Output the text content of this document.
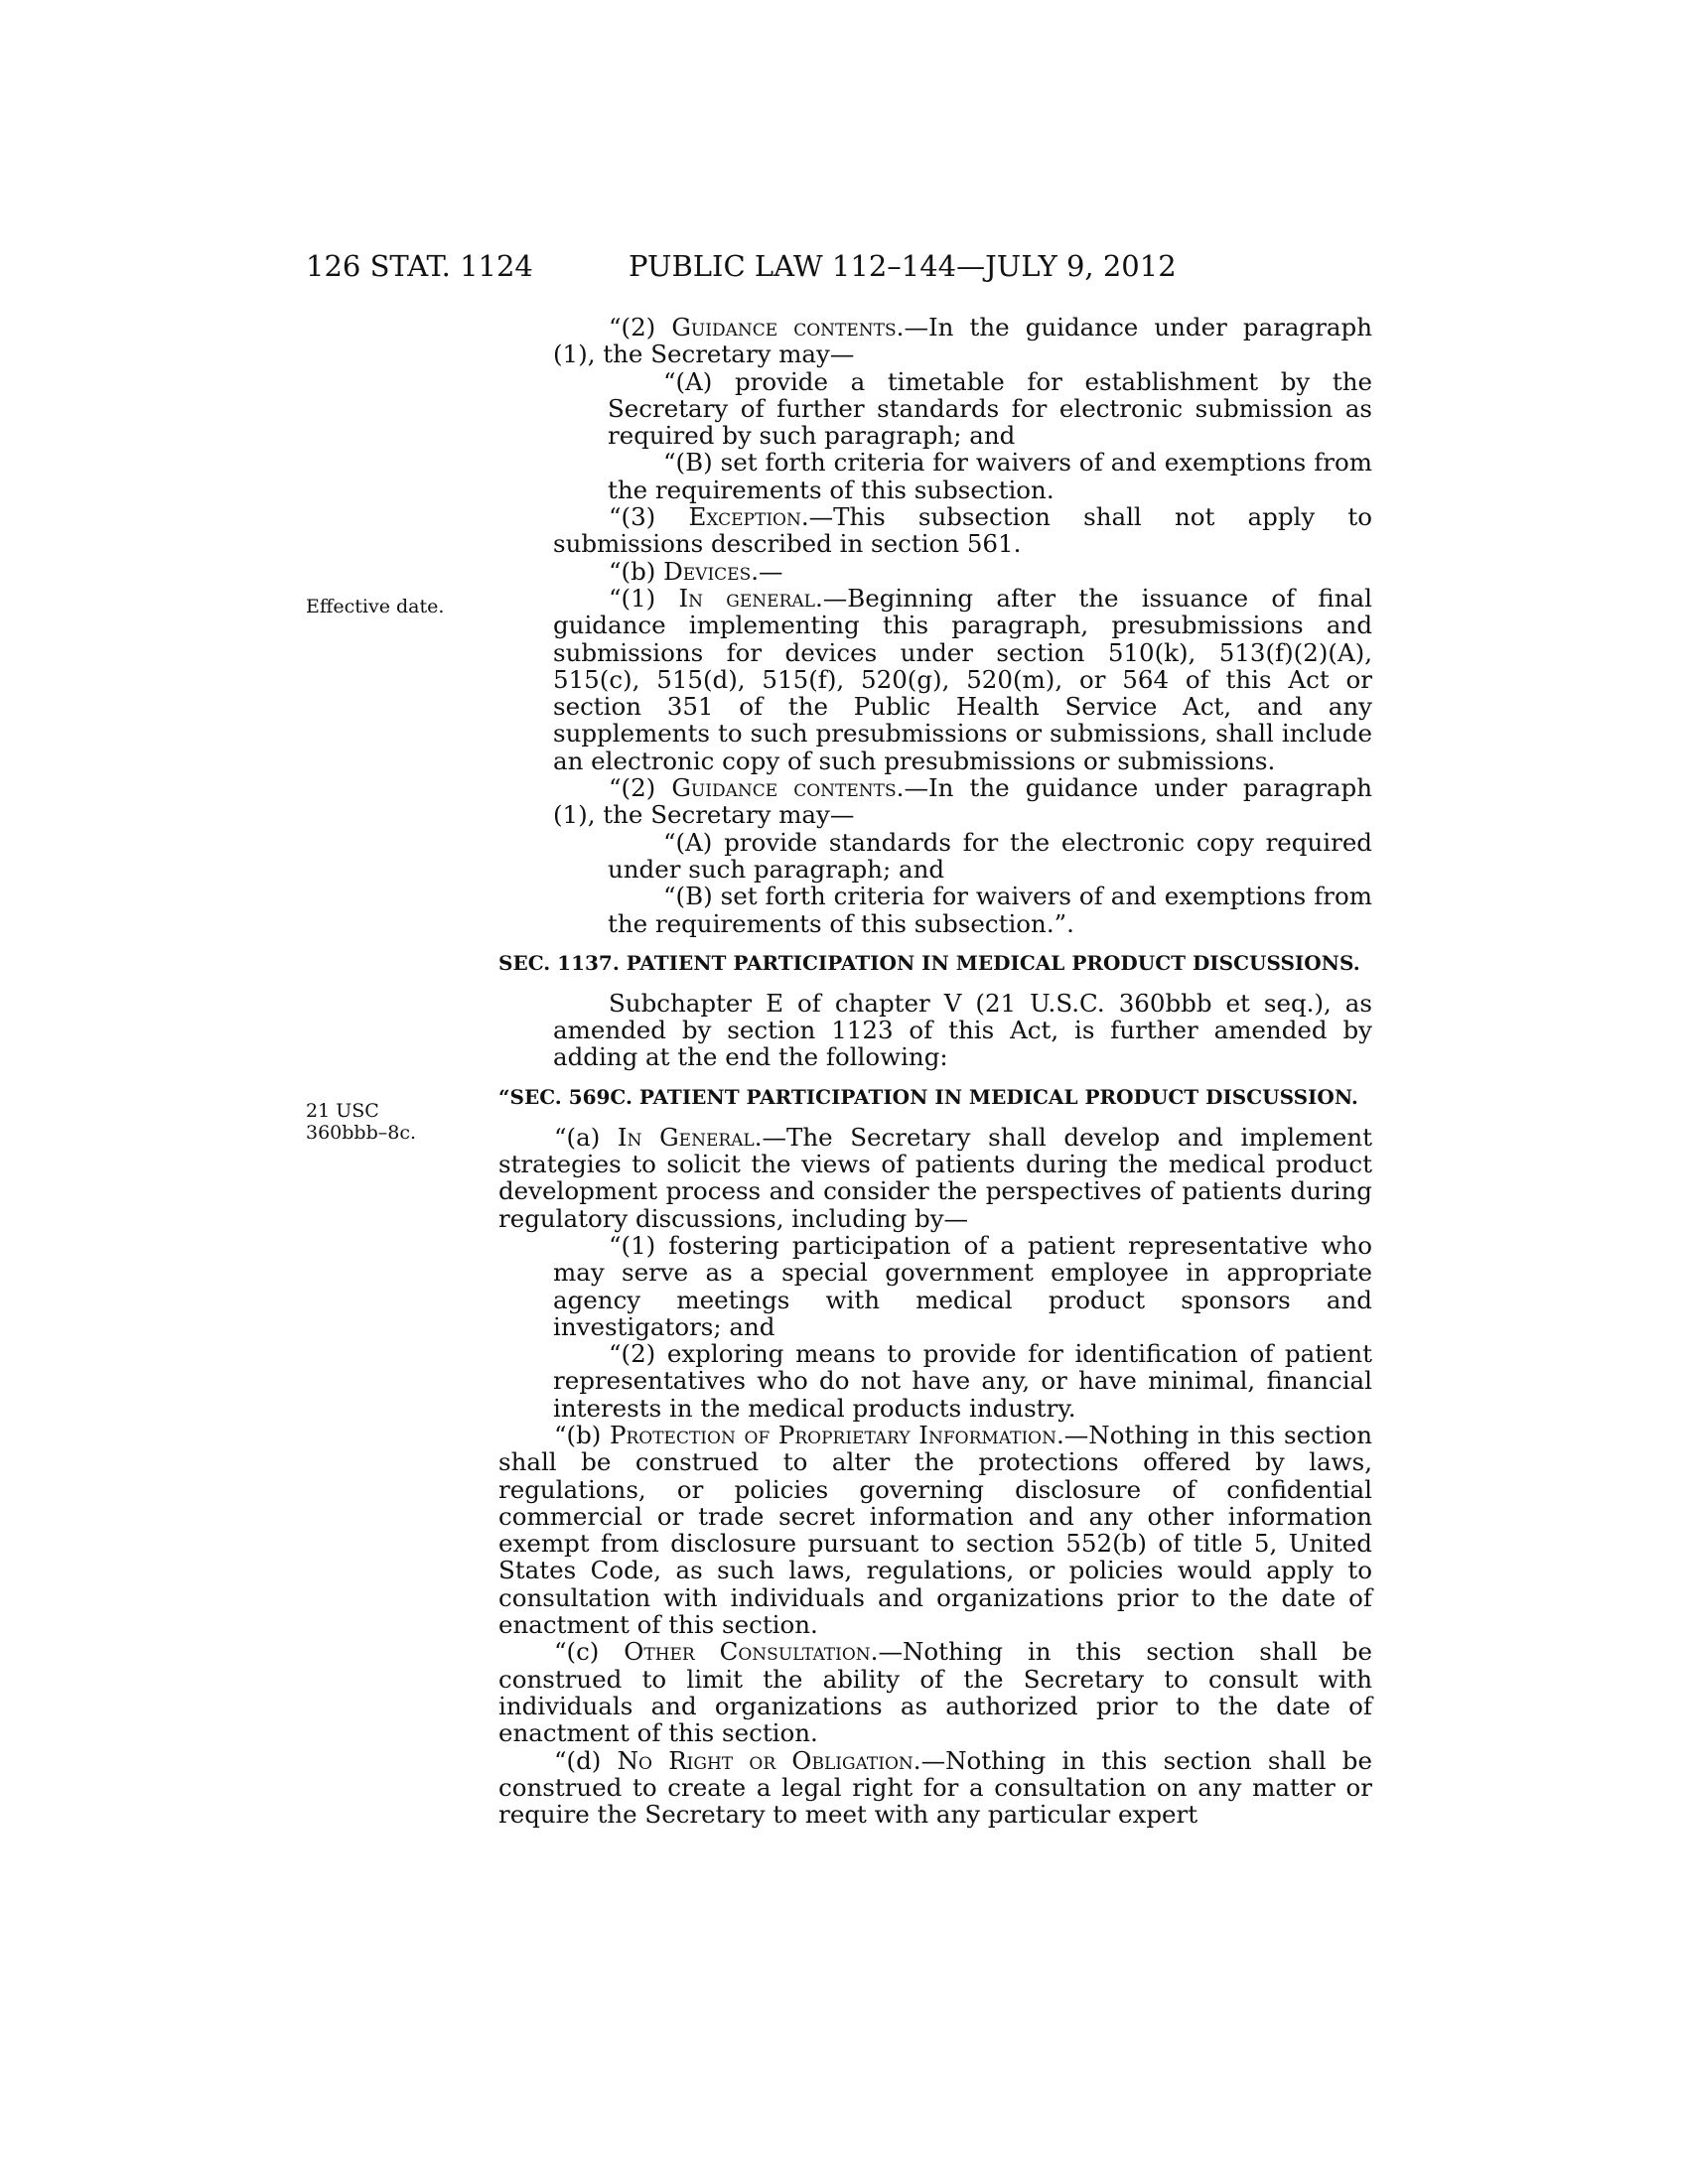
126 STAT. 1124	PUBLIC LAW 112–144—JULY 9, 2012
Effective date.
21 USC
360bbb–8c.

“(2) Guidance contents.—In the guidance under paragraph (1), the Secretary may—

“(A) provide a timetable for establishment by the Secretary of further standards for electronic submission as required by such paragraph; and

“(B) set forth criteria for waivers of and exemptions from the requirements of this subsection.

“(3) Exception.—This subsection shall not apply to submissions described in section 561.

“(b) Devices.—

“(1) In general.—Beginning after the issuance of final guidance implementing this paragraph, presubmissions and submissions for devices under section 510(k), 513(f)(2)(A), 515(c), 515(d), 515(f), 520(g), 520(m), or 564 of this Act or section 351 of the Public Health Service Act, and any supplements to such presubmissions or submissions, shall include an electronic copy of such presubmissions or submissions.

“(2) Guidance contents.—In the guidance under paragraph (1), the Secretary may—

“(A) provide standards for the electronic copy required under such paragraph; and

“(B) set forth criteria for waivers of and exemptions from the requirements of this subsection.”.

SEC. 1137. PATIENT PARTICIPATION IN MEDICAL PRODUCT DISCUSSIONS.

Subchapter E of chapter V (21 U.S.C. 360bbb et seq.), as amended by section 1123 of this Act, is further amended by adding at the end the following:

“SEC. 569C. PATIENT PARTICIPATION IN MEDICAL PRODUCT DISCUSSION.

“(a) In General.—The Secretary shall develop and implement strategies to solicit the views of patients during the medical product development process and consider the perspectives of patients during regulatory discussions, including by—

“(1) fostering participation of a patient representative who may serve as a special government employee in appropriate agency meetings with medical product sponsors and investigators; and

“(2) exploring means to provide for identification of patient representatives who do not have any, or have minimal, financial interests in the medical products industry.

“(b) Protection of Proprietary Information.—Nothing in this section shall be construed to alter the protections offered by laws, regulations, or policies governing disclosure of confidential commercial or trade secret information and any other information exempt from disclosure pursuant to section 552(b) of title 5, United States Code, as such laws, regulations, or policies would apply to consultation with individuals and organizations prior to the date of enactment of this section.

“(c) Other Consultation.—Nothing in this section shall be construed to limit the ability of the Secretary to consult with individuals and organizations as authorized prior to the date of enactment of this section.

“(d) No Right or Obligation.—Nothing in this section shall be construed to create a legal right for a consultation on any matter or require the Secretary to meet with any particular expert
